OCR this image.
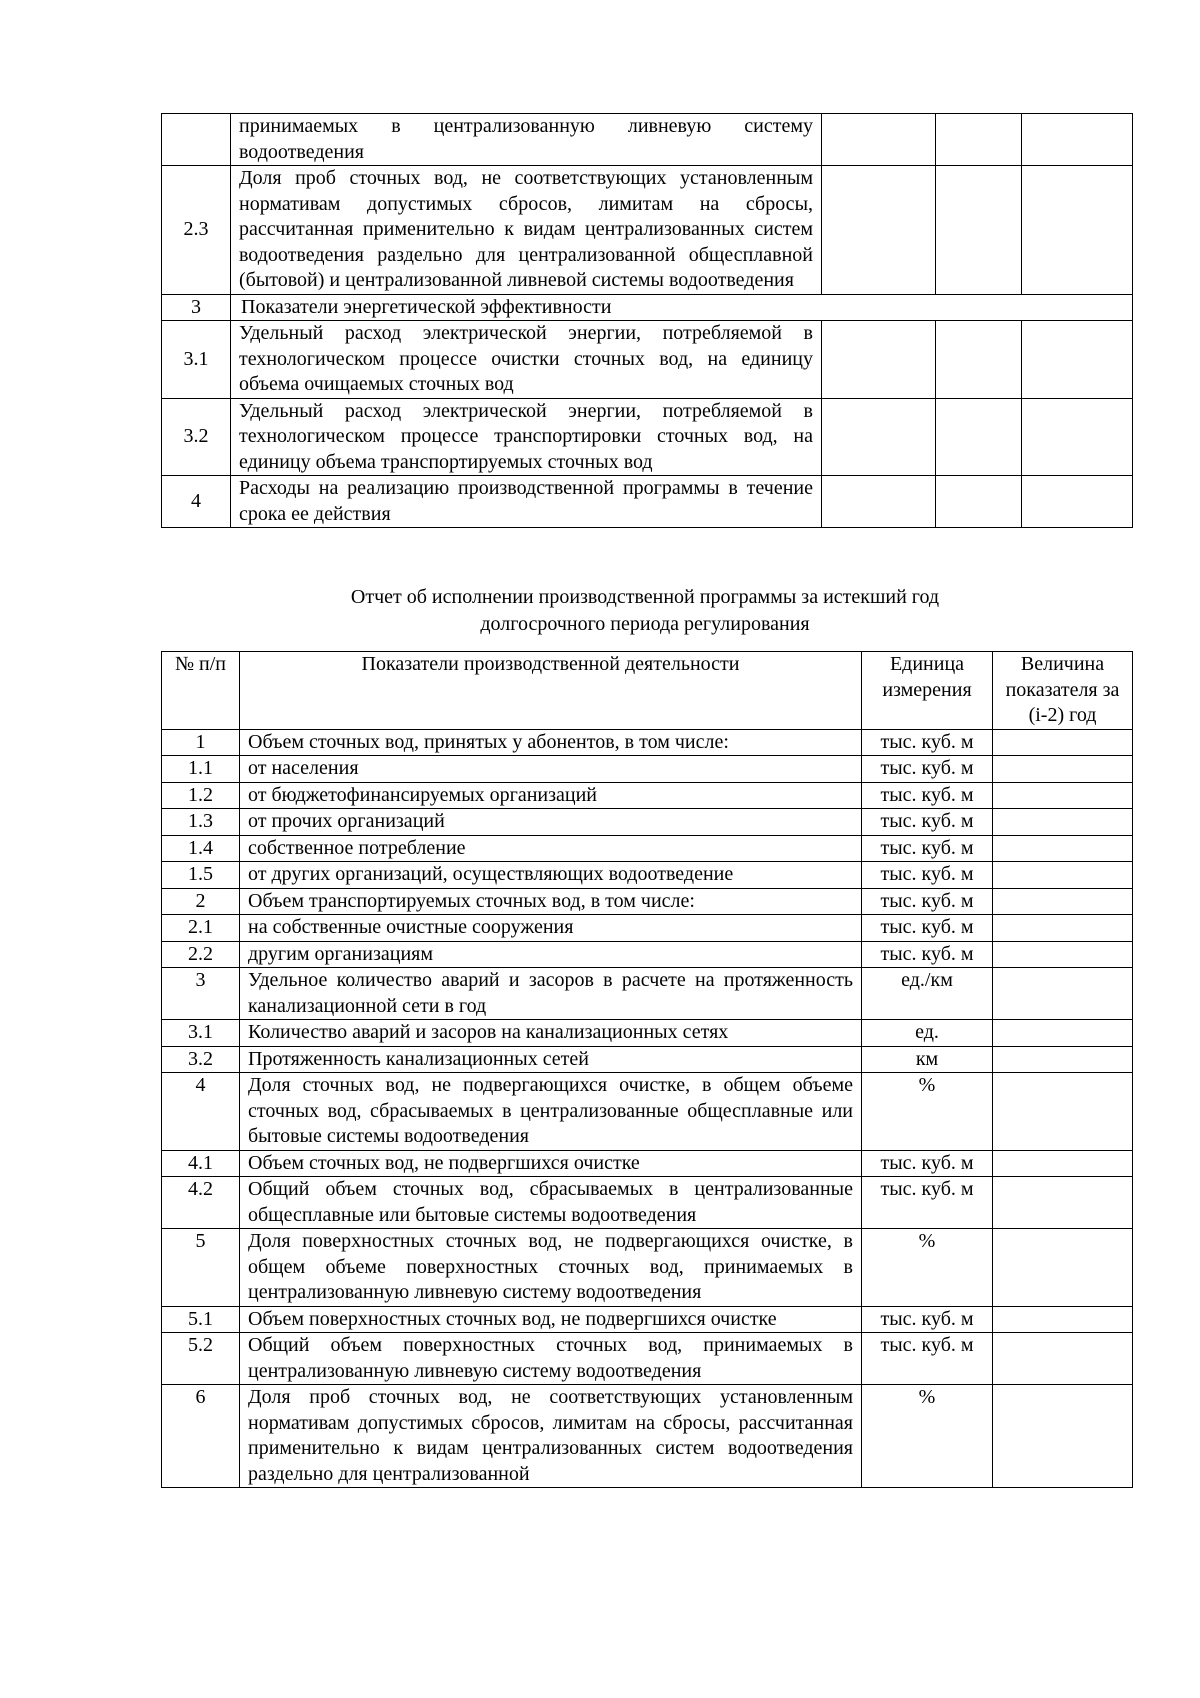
	принимаемых в централизованную ливневую систему водоотведения			
2.3	Доля проб сточных вод, не соответствующих установленным нормативам допустимых сбросов, лимитам на сбросы, рассчитанная применительно к видам централизованных систем водоотведения раздельно для централизованной общесплавной (бытовой) и централизованной ливневой системы водоотведения			
3	Показатели энергетической эффективности			
3.1	Удельный расход электрической энергии, потребляемой в технологическом процессе очистки сточных вод, на единицу объема очищаемых сточных вод			
3.2	Удельный расход электрической энергии, потребляемой в технологическом процессе транспортировки сточных вод, на единицу объема транспортируемых сточных вод			
4	Расходы на реализацию производственной программы в течение срока ее действия			
Отчет об исполнении производственной программы за истекший год
долгосрочного периода регулирования
№ п/п	Показатели производственной деятельности	Единица измерения	Величина показателя за (i-2) год
1	Объем сточных вод, принятых у абонентов, в том числе:	тыс. куб. м	
1.1	от населения	тыс. куб. м	
1.2	от бюджетофинансируемых организаций	тыс. куб. м	
1.3	от прочих организаций	тыс. куб. м	
1.4	собственное потребление	тыс. куб. м	
1.5	от других организаций, осуществляющих водоотведение	тыс. куб. м	
2	Объем транспортируемых сточных вод, в том числе:	тыс. куб. м	
2.1	на собственные очистные сооружения	тыс. куб. м	
2.2	другим организациям	тыс. куб. м	
3	Удельное количество аварий и засоров в расчете на протяженность канализационной сети в год	ед./км	
3.1	Количество аварий и засоров на канализационных сетях	ед.	
3.2	Протяженность канализационных сетей	км	
4	Доля сточных вод, не подвергающихся очистке, в общем объеме сточных вод, сбрасываемых в централизованные общесплавные или бытовые системы водоотведения	%	
4.1	Объем сточных вод, не подвергшихся очистке	тыс. куб. м	
4.2	Общий объем сточных вод, сбрасываемых в централизованные общесплавные или бытовые системы водоотведения	тыс. куб. м	
5	Доля поверхностных сточных вод, не подвергающихся очистке, в общем объеме поверхностных сточных вод, принимаемых в централизованную ливневую систему водоотведения	%	
5.1	Объем поверхностных сточных вод, не подвергшихся очистке	тыс. куб. м	
5.2	Общий объем поверхностных сточных вод, принимаемых в централизованную ливневую систему водоотведения	тыс. куб. м	
6	Доля проб сточных вод, не соответствующих установленным нормативам допустимых сбросов, лимитам на сбросы, рассчитанная применительно к видам централизованных систем водоотведения раздельно для централизованной	%	
